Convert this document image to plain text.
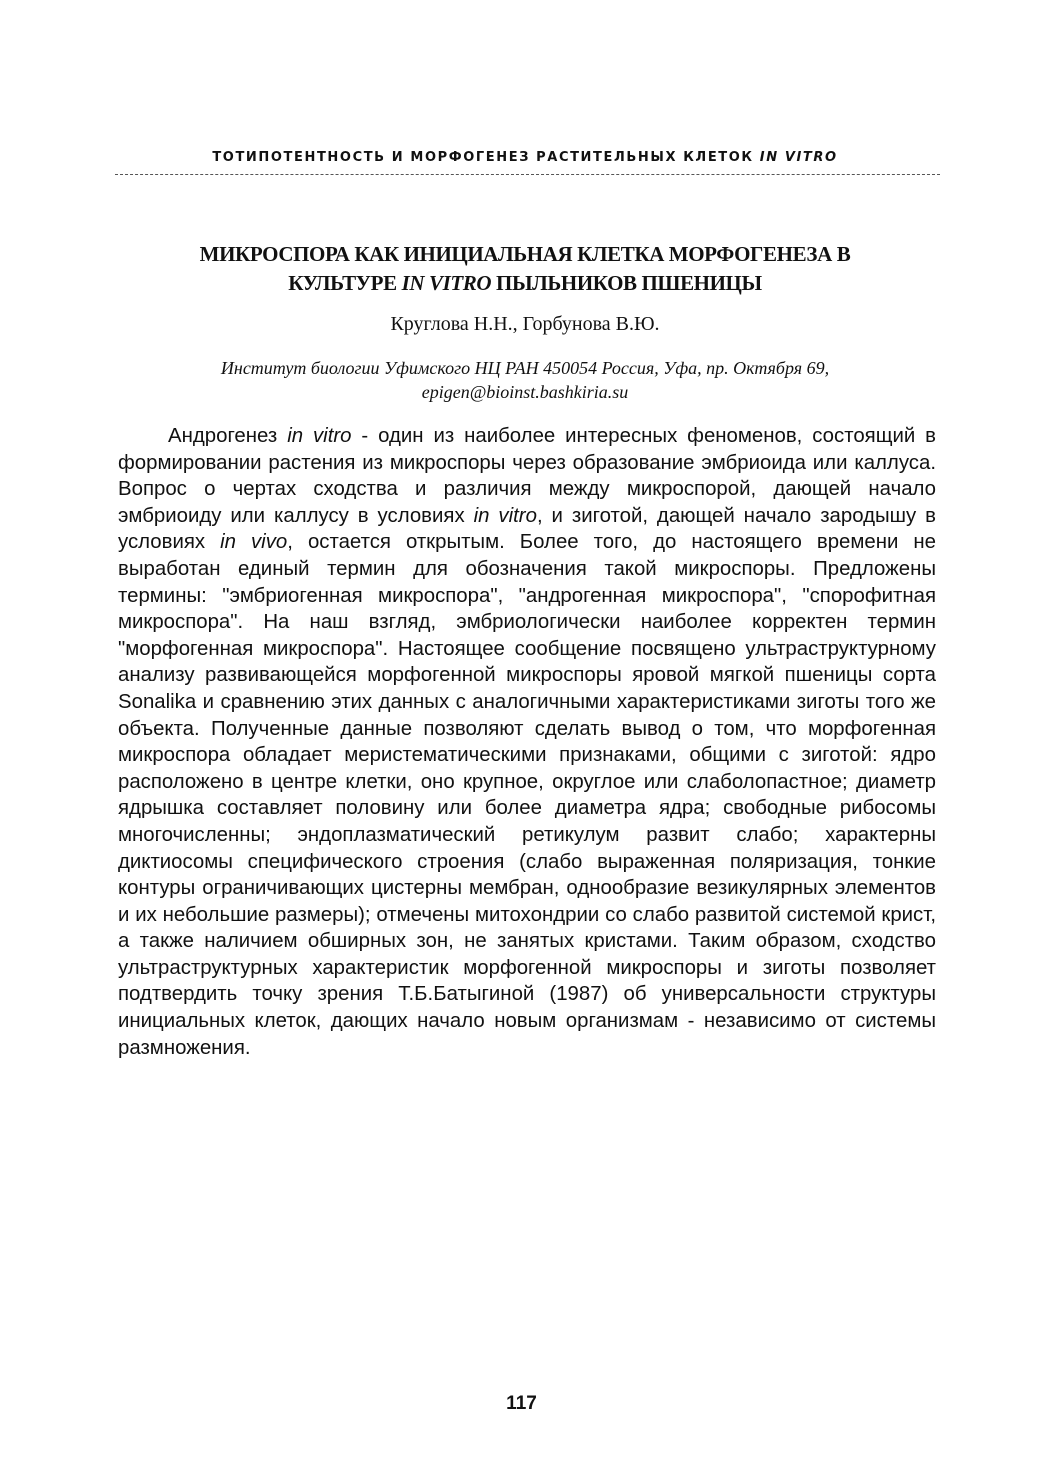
ТОТИПОТЕНТНОСТЬ И МОРФОГЕНЕЗ РАСТИТЕЛЬНЫХ КЛЕТОК IN VITRO
МИКРОСПОРА КАК ИНИЦИАЛЬНАЯ КЛЕТКА МОРФОГЕНЕЗА В
КУЛЬТУРЕ IN VITRO ПЫЛЬНИКОВ ПШЕНИЦЫ
Круглова Н.Н., Горбунова В.Ю.
Институт биологии Уфимского НЦ РАН 450054 Россия, Уфа, пр. Октября 69,
epigen@bioinst.bashkiria.su

Андрогенез in vitro - один из наиболее интересных феноменов, состоящий в формировании растения из микроспоры через образование эмбриоида или каллуса. Вопрос о чертах сходства и различия между микроспорой, дающей начало эмбриоиду или каллусу в условиях in vitro, и зиготой, дающей начало зародышу в условиях in vivo, остается открытым. Более того, до настоящего времени не выработан единый термин для обозначения такой микроспоры. Предложены термины: "эмбриогенная микроспора", "андрогенная микроспора", "спорофитная микроспора". На наш взгляд, эмбриологически наиболее корректен термин "морфогенная микроспора". Настоящее сообщение посвящено ультраструктурному анализу развивающейся морфогенной микроспоры яровой мягкой пшеницы сорта Sonalika и сравнению этих данных с аналогичными характеристиками зиготы того же объекта. Полученные данные позволяют сделать вывод о том, что морфогенная микроспора обладает меристематическими признаками, общими с зиготой: ядро расположено в центре клетки, оно крупное, округлое или слаболопастное; диаметр ядрышка составляет половину или более диаметра ядра; свободные рибосомы многочисленны; эндоплазматический ретикулум развит слабо; характерны диктиосомы специфического строения (слабо выраженная поляризация, тонкие контуры ограничивающих цистерны мембран, однообразие везикулярных элементов и их небольшие размеры); отмечены митохондрии со слабо развитой системой крист, а также наличием обширных зон, не занятых кристами. Таким образом, сходство ультраструктурных характеристик морфогенной микроспоры и зиготы позволяет подтвердить точку зрения Т.Б.Батыгиной (1987) об универсальности структуры инициальных клеток, дающих начало новым организмам - независимо от системы размножения.

117
